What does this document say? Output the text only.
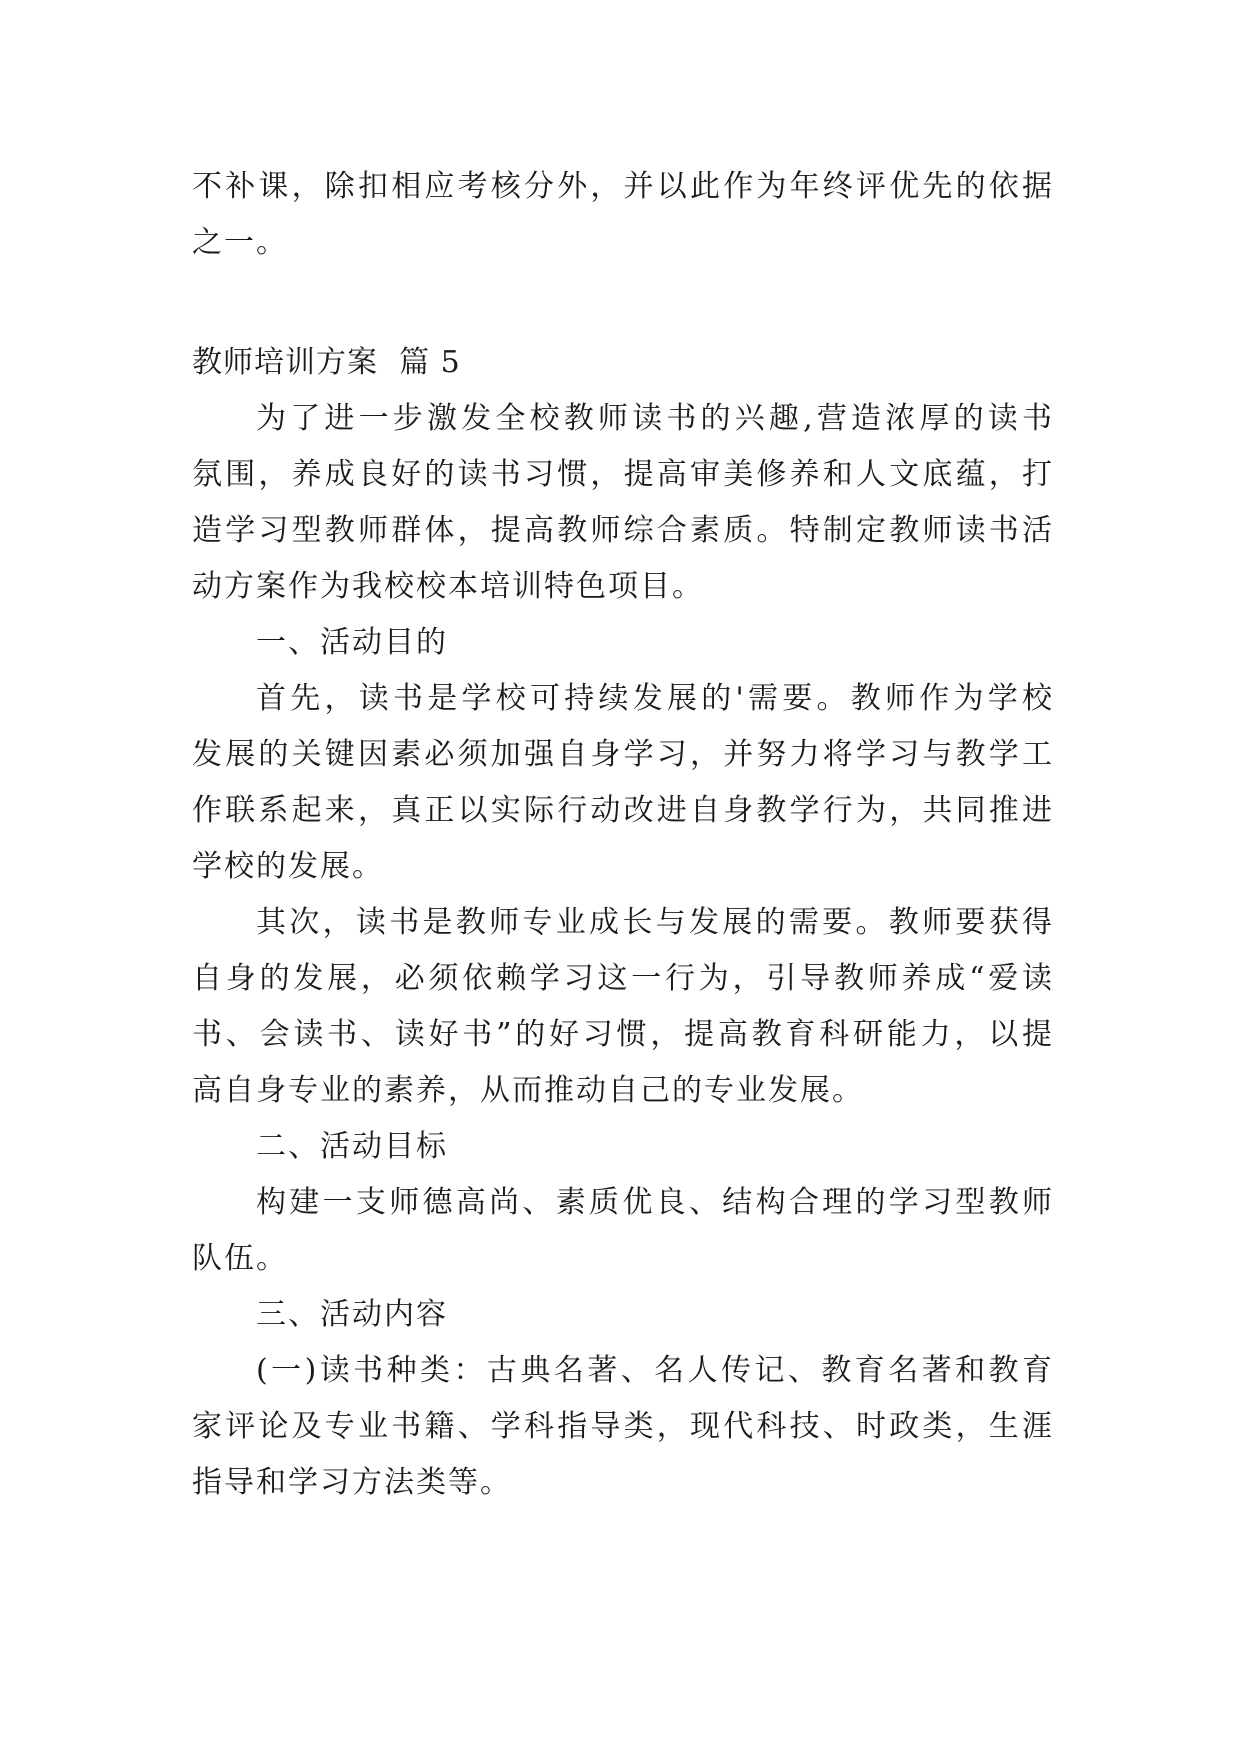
不补课，除扣相应考核分外，并以此作为年终评优先的依据
之一。
教师培训方案  篇 5
为了进一步激发全校教师读书的兴趣,营造浓厚的读书
氛围，养成良好的读书习惯，提高审美修养和人文底蕴，打
造学习型教师群体，提高教师综合素质。特制定教师读书活
动方案作为我校校本培训特色项目。
一、活动目的
首先，读书是学校可持续发展的'需要。教师作为学校
发展的关键因素必须加强自身学习，并努力将学习与教学工
作联系起来，真正以实际行动改进自身教学行为，共同推进
学校的发展。
其次，读书是教师专业成长与发展的需要。教师要获得
自身的发展，必须依赖学习这一行为，引导教师养成“爱读
书、会读书、读好书”的好习惯，提高教育科研能力，以提
高自身专业的素养，从而推动自己的专业发展。
二、活动目标
构建一支师德高尚、素质优良、结构合理的学习型教师
队伍。
三、活动内容
(一)读书种类：古典名著、名人传记、教育名著和教育
家评论及专业书籍、学科指导类，现代科技、时政类，生涯
指导和学习方法类等。
